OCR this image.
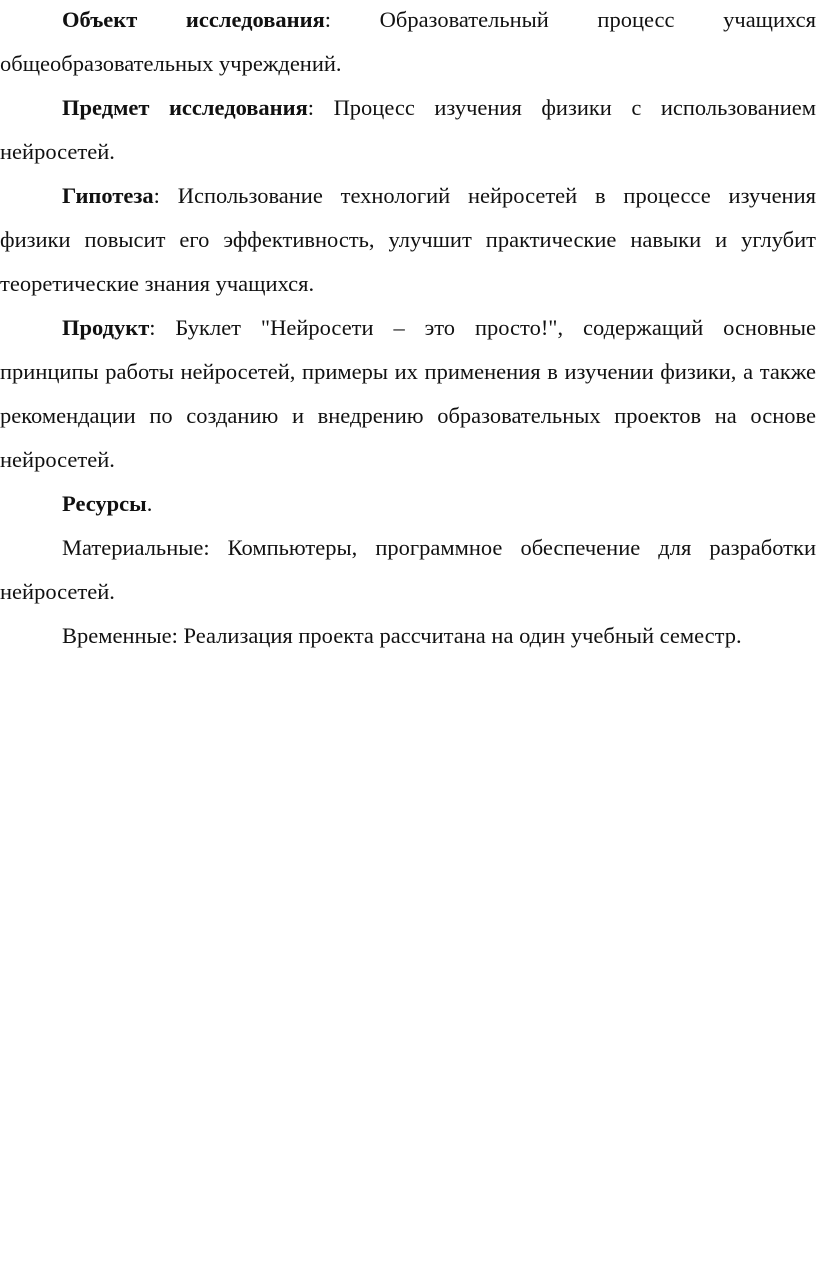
Объект исследования: Образовательный процесс учащихся общеобразовательных учреждений.

Предмет исследования: Процесс изучения физики с использованием нейросетей.

Гипотеза: Использование технологий нейросетей в процессе изучения физики повысит его эффективность, улучшит практические навыки и углубит теоретические знания учащихся.

Продукт: Буклет "Нейросети – это просто!", содержащий основные принципы работы нейросетей, примеры их применения в изучении физики, а также рекомендации по созданию и внедрению образовательных проектов на основе нейросетей.

Ресурсы.

Материальные: Компьютеры, программное обеспечение для разработки нейросетей.

Временные: Реализация проекта рассчитана на один учебный семестр.
